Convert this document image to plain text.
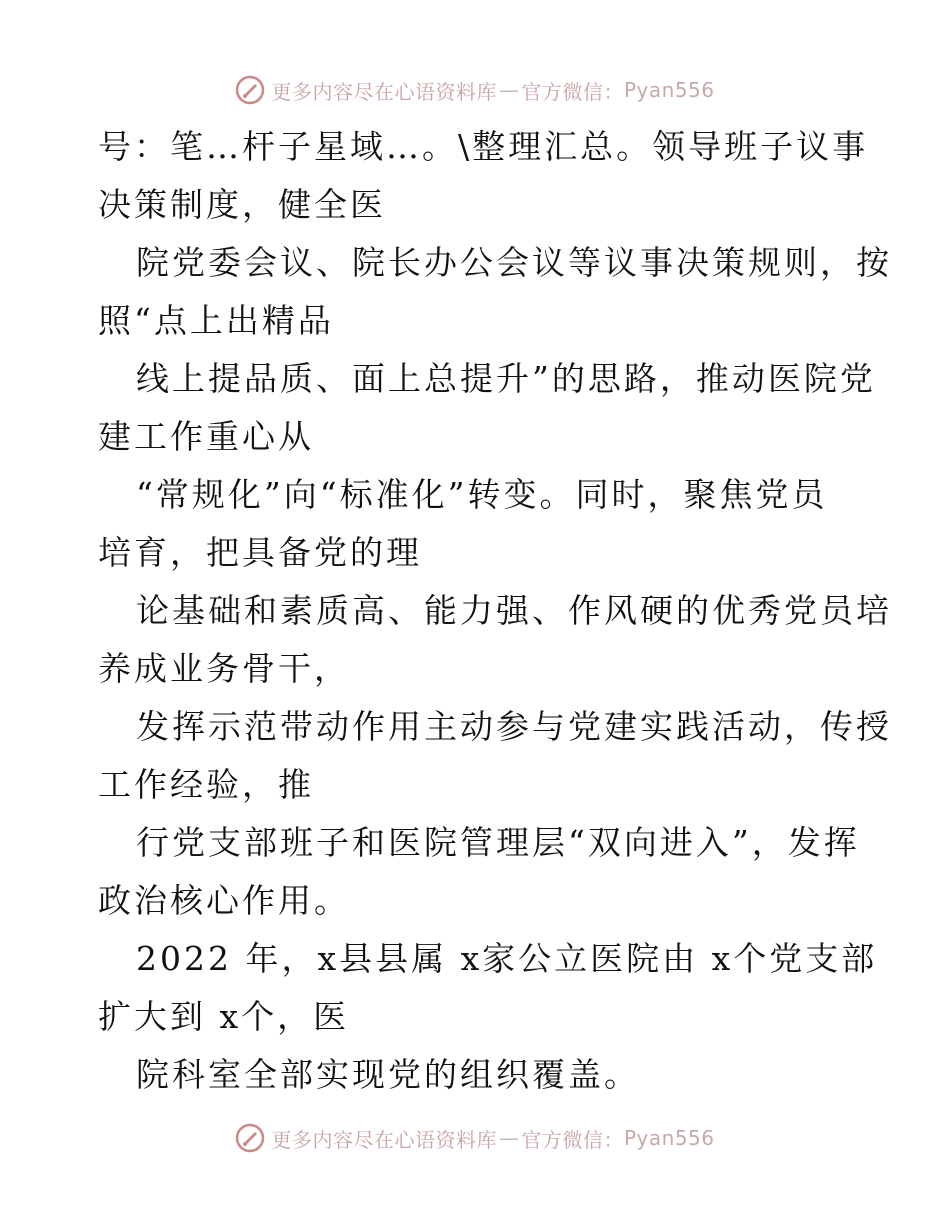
更多内容尽在心语资料库 — 官方微信： Pyan556
号：笔…杆子星域…。\整理汇总。领导班子议事
决策制度，健全医
院党委会议、院长办公会议等议事决策规则，按
照“点上出精品
线上提品质、面上总提升”的思路，推动医院党
建工作重心从
“常规化”向“标准化”转变。同时，聚焦党员
培育，把具备党的理
论基础和素质高、能力强、作风硬的优秀党员培
养成业务骨干，
发挥示范带动作用主动参与党建实践活动，传授
工作经验，推
行党支部班子和医院管理层“双向进入”，发挥
政治核心作用。
2022 年，x县县属 x家公立医院由 x个党支部
扩大到 x个，医
院科室全部实现党的组织覆盖。
更多内容尽在心语资料库 — 官方微信： Pyan556
